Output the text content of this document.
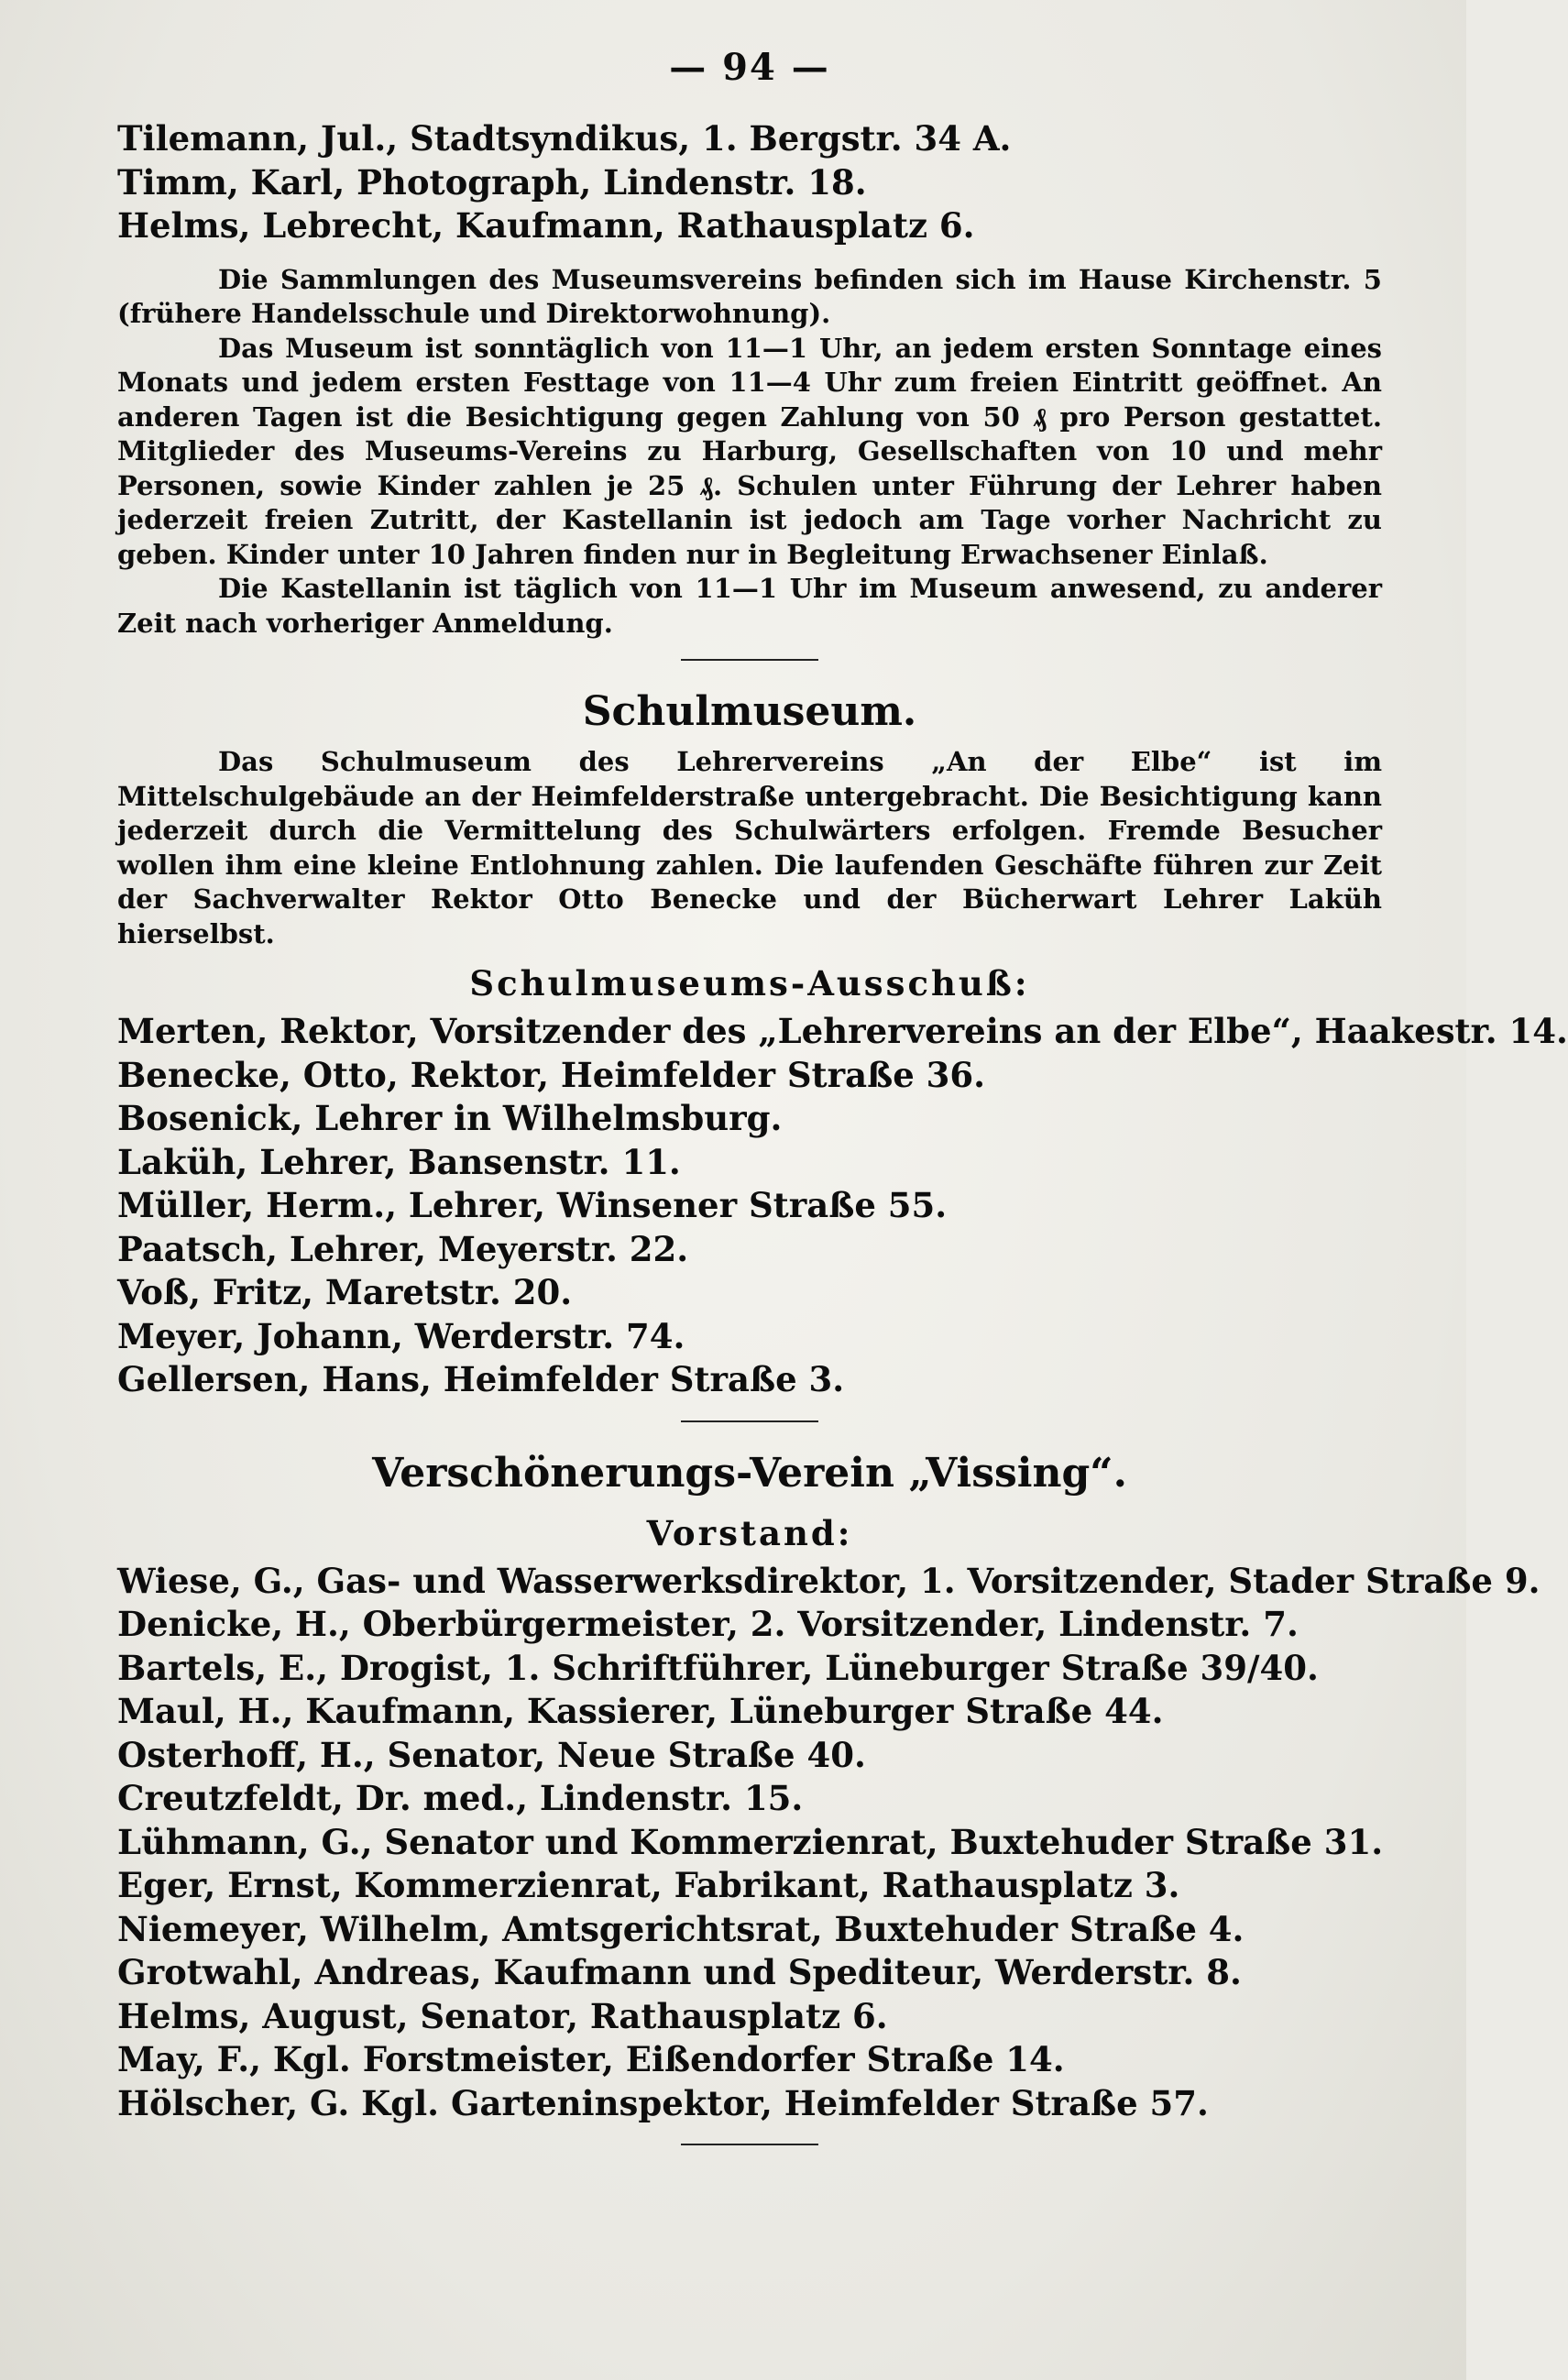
— 94 —
Tilemann, Jul., Stadtsyndikus, 1. Bergstr. 34 A.
Timm, Karl, Photograph, Lindenstr. 18.
Helms, Lebrecht, Kaufmann, Rathausplatz 6.

Die Sammlungen des Museumsvereins befinden sich im Hause Kirchenstr. 5 (frühere Handelsschule und Direktorwohnung).

Das Museum ist sonntäglich von 11—1 Uhr, an jedem ersten Sonntage eines Monats und jedem ersten Festtage von 11—4 Uhr zum freien Eintritt geöffnet. An anderen Tagen ist die Besichtigung gegen Zahlung von 50 ₰ pro Person gestattet. Mitglieder des Museums-Vereins zu Harburg, Gesellschaften von 10 und mehr Personen, sowie Kinder zahlen je 25 ₰. Schulen unter Führung der Lehrer haben jederzeit freien Zutritt, der Kastellanin ist jedoch am Tage vorher Nachricht zu geben. Kinder unter 10 Jahren finden nur in Begleitung Erwachsener Einlaß.

Die Kastellanin ist täglich von 11—1 Uhr im Museum anwesend, zu anderer Zeit nach vorheriger Anmeldung.

Schulmuseum.

Das Schulmuseum des Lehrervereins „An der Elbe“ ist im Mittelschulgebäude an der Heimfelderstraße untergebracht. Die Besichtigung kann jederzeit durch die Vermittelung des Schulwärters erfolgen. Fremde Besucher wollen ihm eine kleine Entlohnung zahlen. Die laufenden Geschäfte führen zur Zeit der Sachverwalter Rektor Otto Benecke und der Bücherwart Lehrer Laküh hierselbst.

Schulmuseums-Ausschuß:
Merten, Rektor, Vorsitzender des „Lehrervereins an der Elbe“, Haakestr. 14.
Benecke, Otto, Rektor, Heimfelder Straße 36.
Bosenick, Lehrer in Wilhelmsburg.
Laküh, Lehrer, Bansenstr. 11.
Müller, Herm., Lehrer, Winsener Straße 55.
Paatsch, Lehrer, Meyerstr. 22.
Voß, Fritz, Maretstr. 20.
Meyer, Johann, Werderstr. 74.
Gellersen, Hans, Heimfelder Straße 3.
Verschönerungs-Verein „Vissing“.
Vorstand:
Wiese, G., Gas- und Wasserwerksdirektor, 1. Vorsitzender, Stader Straße 9.
Denicke, H., Oberbürgermeister, 2. Vorsitzender, Lindenstr. 7.
Bartels, E., Drogist, 1. Schriftführer, Lüneburger Straße 39/40.
Maul, H., Kaufmann, Kassierer, Lüneburger Straße 44.
Osterhoff, H., Senator, Neue Straße 40.
Creutzfeldt, Dr. med., Lindenstr. 15.
Lühmann, G., Senator und Kommerzienrat, Buxtehuder Straße 31.
Eger, Ernst, Kommerzienrat, Fabrikant, Rathausplatz 3.
Niemeyer, Wilhelm, Amtsgerichtsrat, Buxtehuder Straße 4.
Grotwahl, Andreas, Kaufmann und Spediteur, Werderstr. 8.
Helms, August, Senator, Rathausplatz 6.
May, F., Kgl. Forstmeister, Eißendorfer Straße 14.
Hölscher, G. Kgl. Garteninspektor, Heimfelder Straße 57.
